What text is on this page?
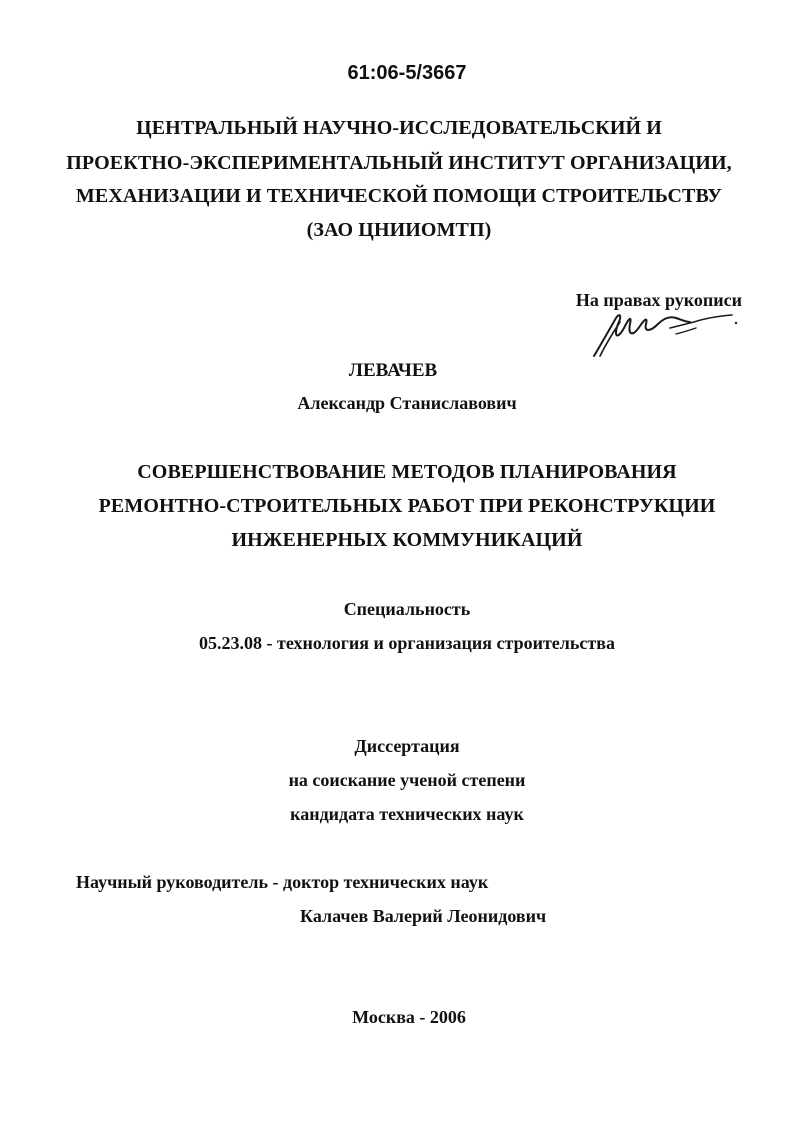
61:06-5/3667
ЦЕНТРАЛЬНЫЙ НАУЧНО-ИССЛЕДОВАТЕЛЬСКИЙ И
ПРОЕКТНО-ЭКСПЕРИМЕНТАЛЬНЫЙ ИНСТИТУТ ОРГАНИЗАЦИИ,
МЕХАНИЗАЦИИ И ТЕХНИЧЕСКОЙ ПОМОЩИ СТРОИТЕЛЬСТВУ
(ЗАО ЦНИИОМТП)
На правах рукописи
ЛЕВАЧЕВ
Александр Станиславович
СОВЕРШЕНСТВОВАНИЕ МЕТОДОВ ПЛАНИРОВАНИЯ
РЕМОНТНО-СТРОИТЕЛЬНЫХ РАБОТ ПРИ РЕКОНСТРУКЦИИ
ИНЖЕНЕРНЫХ КОММУНИКАЦИЙ
Специальность
05.23.08 - технология и организация строительства
Диссертация
на соискание ученой степени
кандидата технических наук
Научный руководитель - доктор технических наук
Калачев Валерий Леонидович
Москва - 2006
